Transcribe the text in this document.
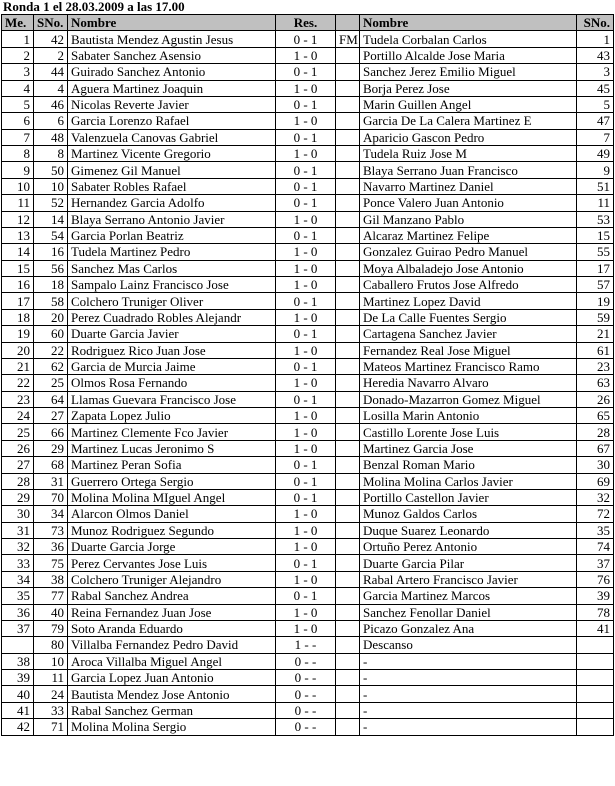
Ronda 1 el 28.03.2009 a las 17.00
Me.	SNo.	Nombre	Res.		Nombre	SNo.
1	42	Bautista Mendez Agustin Jesus	0 - 1	FM	Tudela Corbalan Carlos	1
2	2	Sabater Sanchez Asensio	1 - 0		Portillo Alcalde Jose Maria	43
3	44	Guirado Sanchez Antonio	0 - 1		Sanchez Jerez Emilio Miguel	3
4	4	Aguera Martinez Joaquin	1 - 0		Borja Perez Jose	45
5	46	Nicolas Reverte Javier	0 - 1		Marin Guillen Angel	5
6	6	Garcia Lorenzo Rafael	1 - 0		Garcia De La Calera Martinez E	47
7	48	Valenzuela Canovas Gabriel	0 - 1		Aparicio Gascon Pedro	7
8	8	Martinez Vicente Gregorio	1 - 0		Tudela Ruiz Jose M	49
9	50	Gimenez Gil Manuel	0 - 1		Blaya Serrano Juan Francisco	9
10	10	Sabater Robles Rafael	0 - 1		Navarro Martinez Daniel	51
11	52	Hernandez Garcia Adolfo	0 - 1		Ponce Valero Juan Antonio	11
12	14	Blaya Serrano Antonio Javier	1 - 0		Gil Manzano Pablo	53
13	54	Garcia Porlan Beatriz	0 - 1		Alcaraz Martinez Felipe	15
14	16	Tudela Martinez Pedro	1 - 0		Gonzalez Guirao Pedro Manuel	55
15	56	Sanchez Mas Carlos	1 - 0		Moya Albaladejo Jose Antonio	17
16	18	Sampalo Lainz Francisco Jose	1 - 0		Caballero Frutos Jose Alfredo	57
17	58	Colchero Truniger Oliver	0 - 1		Martinez Lopez David	19
18	20	Perez Cuadrado Robles Alejandr	1 - 0		De La Calle Fuentes Sergio	59
19	60	Duarte Garcia Javier	0 - 1		Cartagena Sanchez Javier	21
20	22	Rodriguez Rico Juan Jose	1 - 0		Fernandez Real Jose Miguel	61
21	62	Garcia de Murcia Jaime	0 - 1		Mateos Martinez Francisco Ramo	23
22	25	Olmos Rosa Fernando	1 - 0		Heredia Navarro Alvaro	63
23	64	Llamas Guevara Francisco Jose	0 - 1		Donado-Mazarron Gomez Miguel	26
24	27	Zapata Lopez Julio	1 - 0		Losilla Marin Antonio	65
25	66	Martinez Clemente Fco Javier	1 - 0		Castillo Lorente Jose Luis	28
26	29	Martinez Lucas Jeronimo S	1 - 0		Martinez Garcia Jose	67
27	68	Martinez Peran Sofia	0 - 1		Benzal Roman Mario	30
28	31	Guerrero Ortega Sergio	0 - 1		Molina Molina Carlos Javier	69
29	70	Molina Molina MIguel Angel	0 - 1		Portillo Castellon Javier	32
30	34	Alarcon Olmos Daniel	1 - 0		Munoz Galdos Carlos	72
31	73	Munoz Rodriguez Segundo	1 - 0		Duque Suarez Leonardo	35
32	36	Duarte Garcia Jorge	1 - 0		Ortuño Perez Antonio	74
33	75	Perez Cervantes Jose Luis	0 - 1		Duarte Garcia Pilar	37
34	38	Colchero Truniger Alejandro	1 - 0		Rabal Artero Francisco Javier	76
35	77	Rabal Sanchez Andrea	0 - 1		Garcia Martinez Marcos	39
36	40	Reina Fernandez Juan Jose	1 - 0		Sanchez Fenollar Daniel	78
37	79	Soto Aranda Eduardo	1 - 0		Picazo Gonzalez Ana	41
	80	Villalba Fernandez Pedro David	1 - -		Descanso	
38	10	Aroca Villalba Miguel Angel	0 - -		-	
39	11	Garcia Lopez Juan Antonio	0 - -		-	
40	24	Bautista Mendez Jose Antonio	0 - -		-	
41	33	Rabal Sanchez German	0 - -		-	
42	71	Molina Molina Sergio	0 - -		-	
